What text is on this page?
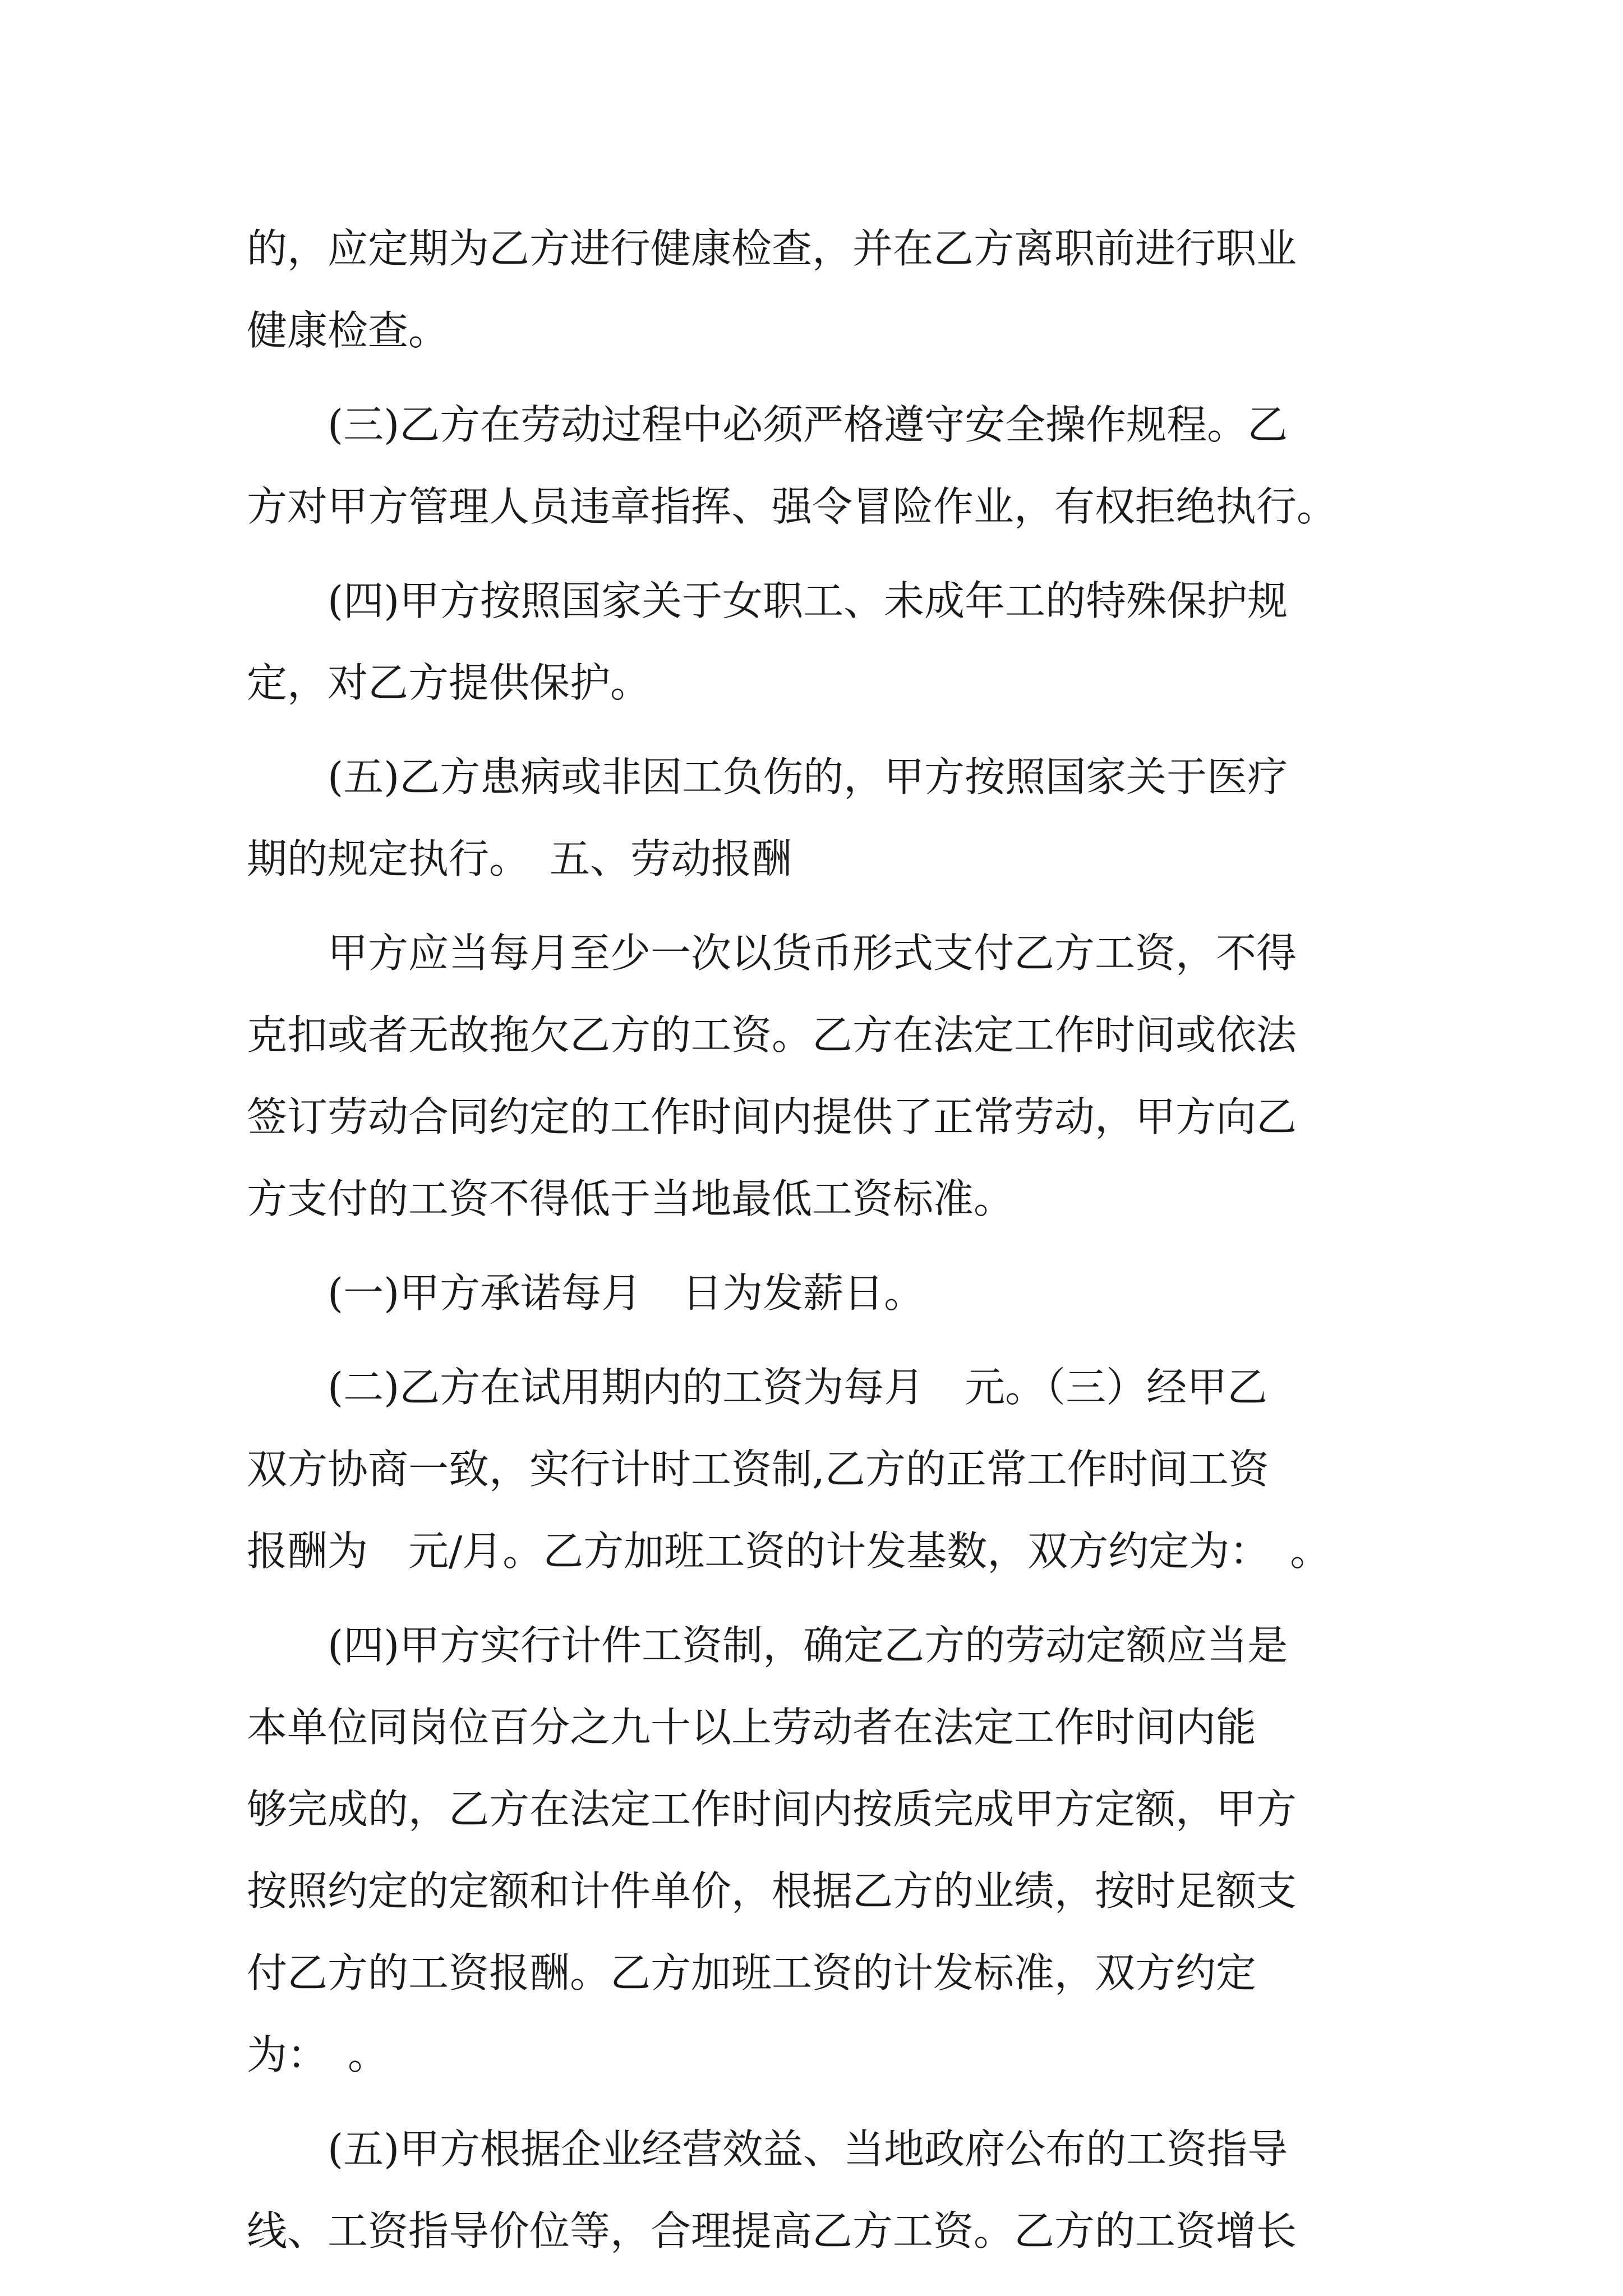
的，应定期为乙方进行健康检查，并在乙方离职前进行职业
健康检查。
　　(三)乙方在劳动过程中必须严格遵守安全操作规程。乙
方对甲方管理人员违章指挥、强令冒险作业，有权拒绝执行。
　　(四)甲方按照国家关于女职工、未成年工的特殊保护规
定，对乙方提供保护。
　　(五)乙方患病或非因工负伤的，甲方按照国家关于医疗
期的规定执行。　五、劳动报酬
　　甲方应当每月至少一次以货币形式支付乙方工资，不得
克扣或者无故拖欠乙方的工资。乙方在法定工作时间或依法
签订劳动合同约定的工作时间内提供了正常劳动，甲方向乙
方支付的工资不得低于当地最低工资标准。
　　(一)甲方承诺每月　日为发薪日。
　　(二)乙方在试用期内的工资为每月　元。（三）经甲乙
双方协商一致，实行计时工资制,乙方的正常工作时间工资
报酬为　元/月。乙方加班工资的计发基数，双方约定为：　。
　　(四)甲方实行计件工资制，确定乙方的劳动定额应当是
本单位同岗位百分之九十以上劳动者在法定工作时间内能
够完成的，乙方在法定工作时间内按质完成甲方定额，甲方
按照约定的定额和计件单价，根据乙方的业绩，按时足额支
付乙方的工资报酬。乙方加班工资的计发标准，双方约定
为：　。
　　(五)甲方根据企业经营效益、当地政府公布的工资指导
线、工资指导价位等，合理提高乙方工资。乙方的工资增长
